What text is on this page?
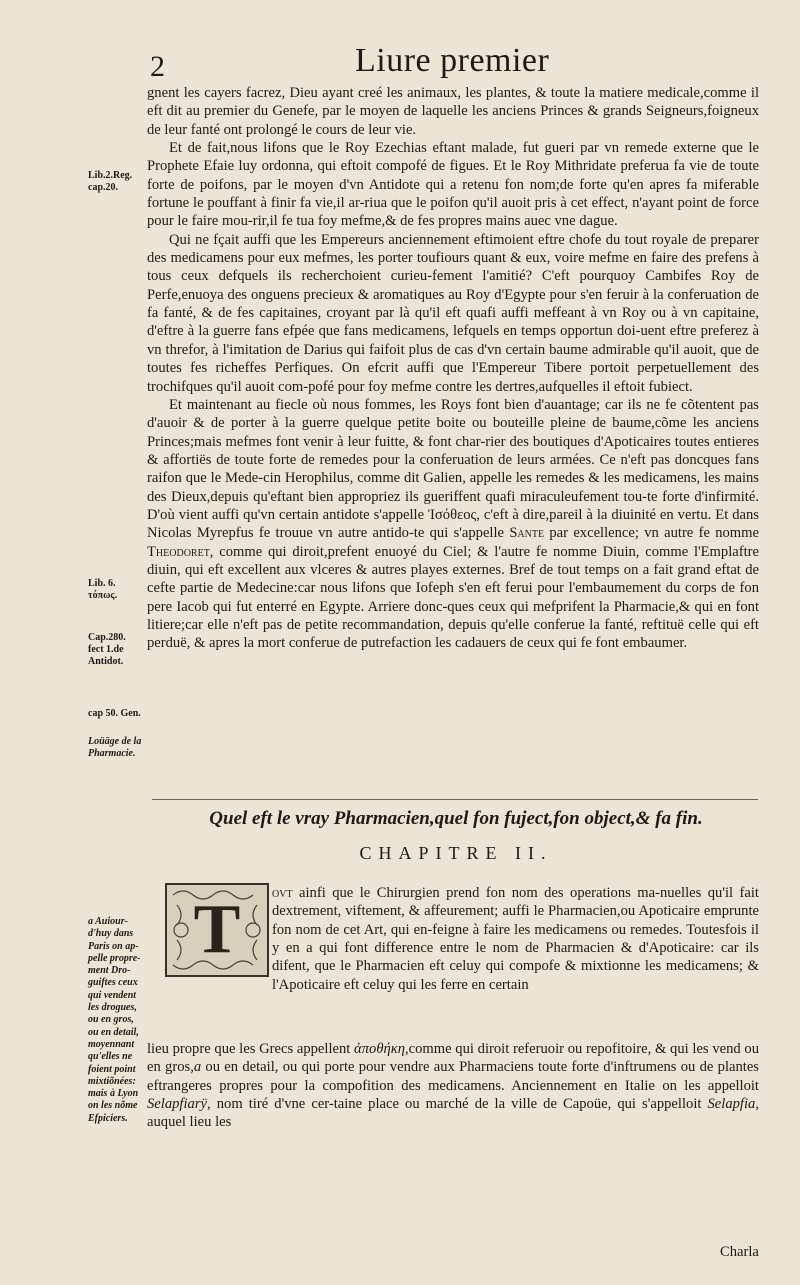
2	Liure premier

gnent les cayers facrez, Dieu ayant creé les animaux, les plantes, & toute la matiere medicale,comme il eft dit au premier du Genefe, par le moyen de laquelle les anciens Princes & grands Seigneurs,foigneux de leur fanté ont prolongé le cours de leur vie.

Et de fait,nous lifons que le Roy Ezechias eftant malade, fut gueri par vn remede externe que le Prophete Efaie luy ordonna, qui eftoit compofé de figues. Et le Roy Mithridate preferua fa vie de toute forte de poifons, par le moyen d'vn Antidote qui a retenu fon nom;de forte qu'en apres fa miferable fortune le pouffant à finir fa vie,il ar-riua que le poifon qu'il auoit pris à cet effect, n'ayant point de force pour le faire mou-rir,il fe tua foy mefme,& de fes propres mains auec vne dague.

Qui ne fçait auffi que les Empereurs anciennement eftimoient eftre chofe du tout royale de preparer des medicamens pour eux mefmes, les porter toufiours quant & eux, voire mefme en faire des prefens à tous ceux defquels ils recherchoient curieu-fement l'amitié? C'eft pourquoy Cambifes Roy de Perfe,enuoya des onguens precieux & aromatiques au Roy d'Egypte pour s'en feruir à la conferuation de fa fanté, & de fes capitaines, croyant par là qu'il eft quafi auffi meffeant à vn Roy ou à vn capitaine, d'eftre à la guerre fans efpée que fans medicamens, lefquels en temps opportun doi-uent eftre preferez à vn threfor, à l'imitation de Darius qui faifoit plus de cas d'vn certain baume admirable qu'il auoit, que de toutes fes richeffes Perfiques. On efcrit auffi que l'Empereur Tibere portoit perpetuellement des trochifques qu'il auoit com-pofé pour foy mefme contre les dertres,aufquelles il eftoit fubiect.

Et maintenant au fiecle où nous fommes, les Roys font bien d'auantage; car ils ne fe cõtentent pas d'auoir & de porter à la guerre quelque petite boite ou bouteille pleine de baume,cõme les anciens Princes;mais mefmes font venir à leur fuitte, & font char-rier des boutiques d'Apoticaires toutes entieres & affortiës de toute forte de remedes pour la conferuation de leurs armées. Ce n'eft pas doncques fans raifon que le Mede-cin Herophilus, comme dit Galien, appelle les remedes & les medicamens, les mains des Dieux,depuis qu'eftant bien appropriez ils gueriffent quafi miraculeufement tou-te forte d'infirmité. D'où vient auffi qu'vn certain antidote s'appelle Ἰσόθεος, c'eft à dire,pareil à la diuinité en vertu. Et dans Nicolas Myrepfus fe trouue vn autre antido-te qui s'appelle Sante par excellence; vn autre fe nomme Theodoret, comme qui diroit,prefent enuoyé du Ciel; & l'autre fe nomme Diuin, comme l'Emplaftre diuin, qui eft excellent aux vlceres & autres playes externes. Bref de tout temps on a fait grand eftat de cefte partie de Medecine:car nous lifons que Iofeph s'en eft ferui pour l'embaumement du corps de fon pere Iacob qui fut enterré en Egypte. Arriere donc-ques ceux qui mefprifent la Pharmacie,& qui en font litiere;car elle n'eft pas de petite recommandation, depuis qu'elle conferue la fanté, reftituë celle qui eft perduë, & apres la mort conferue de putrefaction les cadauers de ceux qui fe font embaumer.

Lib.2.Reg.
cap.20.
Lib. 6.
τόπως.
Cap.280.
fect 1.de
Antidot.
cap 50. Gen.
Loüāge de la
Pharmacie.
Quel eft le vray Pharmacien,quel fon fuject,fon object,& fa fin.
CHAPITRE II.
T	ovt ainfi que le Chirurgien prend fon nom des operations ma-nuelles qu'il fait dextrement, viftement, & affeurement; auffi le Pharmacien,ou Apoticaire emprunte fon nom de cet Art, qui en-feigne à faire les medicamens ou remedes. Toutesfois il y en a qui font difference entre le nom de Pharmacien & d'Apoticaire: car ils difent, que le Pharmacien eft celuy qui compofe & mixtionne les medicamens; & l'Apoticaire eft celuy qui les ferre en certain

lieu propre que les Grecs appellent ἀποθήκη,comme qui diroit referuoir ou repofitoire, & qui les vend ou en gros,a ou en detail, ou qui porte pour vendre aux Pharmaciens toute forte d'inftrumens ou de plantes eftrangeres propres pour la compofition des medicamens. Anciennement en Italie on les appelloit Selapfiarÿ, nom tiré d'vne cer-taine place ou marché de la ville de Capoüe, qui s'appelloit Selapfia, auquel lieu les

a Auiour-d'huy dans Paris on ap-pelle propre-ment Dro-guiftes ceux qui vendent les drogues, ou en gros, ou en detail, moyennant qu'elles ne foient point mixtiõnées: mais à Lyon on les nõme Efpiciers.
Charla
